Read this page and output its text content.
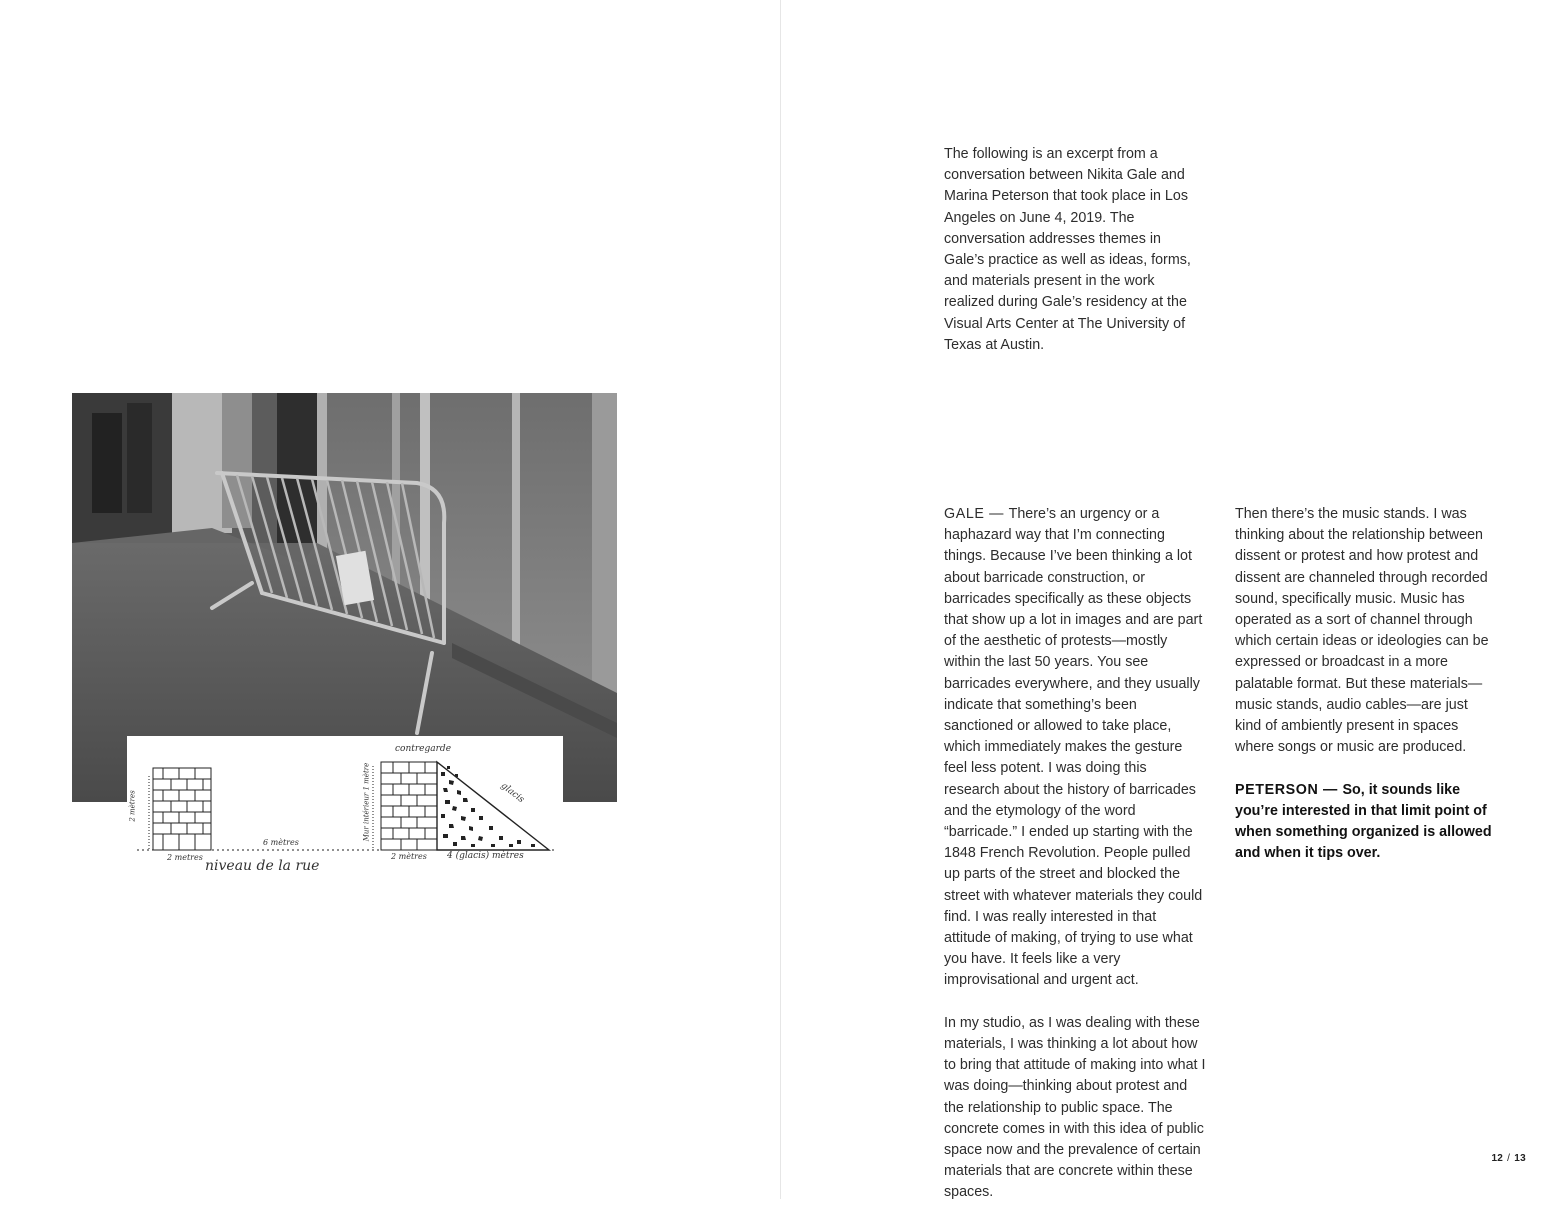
niveau de la rue
contregarde
glacis
2 metres
6 mètres
2 mètres 4 (glacis) mètres
2 mètres	Mur intérieur 1 mètre
The following is an excerpt from a conversation between Nikita Gale and Marina Peterson that took place in Los Angeles on June 4, 2019. The conversation addresses themes in Gale’s practice as well as ideas, forms, and materials present in the work realized during Gale’s residency at the Visual Arts Center at The University of Texas at Austin.

GALE — There’s an urgency or a haphazard way that I’m connecting things. Because I’ve been thinking a lot about barricade construction, or barricades specifically as these objects that show up a lot in images and are part of the aesthetic of protests—mostly within the last 50 years. You see barricades everywhere, and they usually indicate that something’s been sanctioned or allowed to take place, which immediately makes the gesture feel less potent. I was doing this research about the history of barricades and the etymology of the word “barricade.” I ended up starting with the 1848 French Revolution. People pulled up parts of the street and blocked the street with whatever materials they could find. I was really interested in that attitude of making, of trying to use what you have. It feels like a very improvisational and urgent act.

In my studio, as I was dealing with these materials, I was thinking a lot about how to bring that attitude of making into what I was doing—thinking about protest and the relationship to public space. The concrete comes in with this idea of public space now and the prevalence of certain materials that are concrete within these spaces.

Then there’s the music stands. I was thinking about the relationship between dissent or protest and how protest and dissent are channeled through recorded sound, specifically music. Music has operated as a sort of channel through which certain ideas or ideologies can be expressed or broadcast in a more palatable format. But these materials—music stands, audio cables—are just kind of ambiently present in spaces where songs or music are produced.

PETERSON — So, it sounds like you’re interested in that limit point of when something organized is allowed and when it tips over.

12 / 13
